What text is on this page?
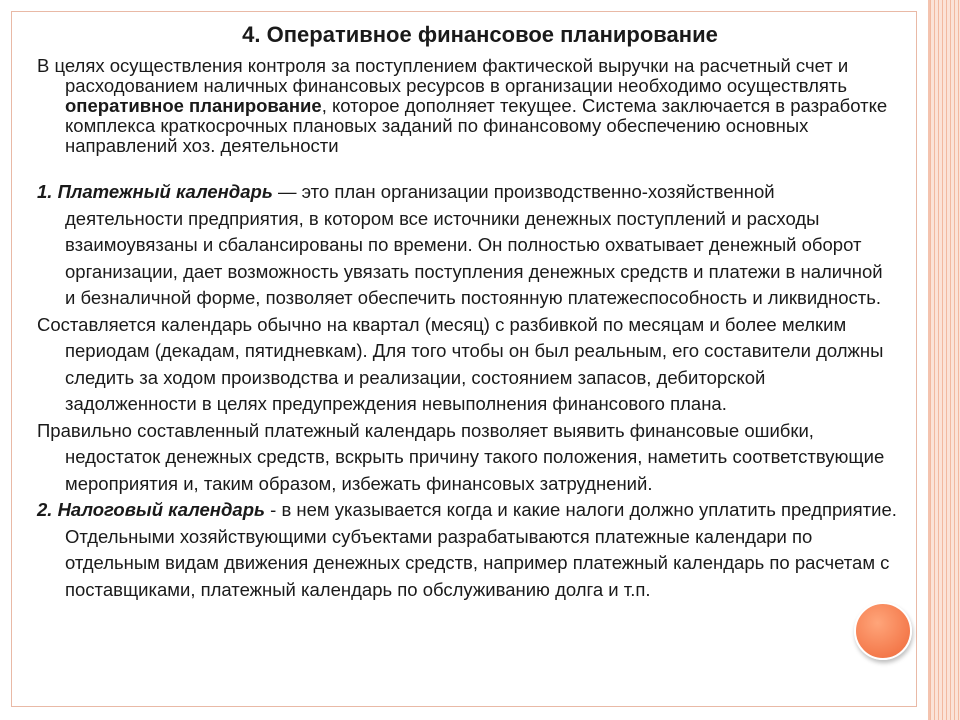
4. Оперативное финансовое планирование

В целях осуществления контроля за поступлением фактической выручки на расчетный счет и расходованием наличных финансовых ресурсов в организации необходимо осуществлять оперативное планирование, которое дополняет текущее. Система заключается в разработке комплекса краткосрочных плановых заданий по финансовому обеспечению основных направлений хоз. деятельности

1. Платежный календарь — это план организации производственно-хозяйственной деятельности предприятия, в котором все источники денежных поступлений и расходы взаимоувязаны и сбалансированы по времени. Он полностью охватывает денежный оборот организации, дает возможность увязать поступления денежных средств и платежи в наличной и безналичной форме, позволяет обеспечить постоянную платежеспособность и ликвидность.

Составляется календарь обычно на квартал (месяц) с разбивкой по месяцам и более мелким периодам (декадам, пятидневкам). Для того чтобы он был реальным, его составители должны следить за ходом производства и реализации, состоянием запасов, дебиторской задолженности в целях предупреждения невыполнения финансового плана.

Правильно составленный платежный календарь позволяет выявить финансовые ошибки, недостаток денежных средств, вскрыть причину такого положения, наметить соответствующие мероприятия и, таким образом, избежать финансовых затруднений.

2. Налоговый календарь - в нем указывается когда и какие налоги должно уплатить предприятие. Отдельными хозяйствующими субъектами разрабатываются платежные календари по отдельным видам движения денежных средств, например платежный календарь по расчетам с поставщиками, платежный календарь по обслуживанию долга и т.п.
